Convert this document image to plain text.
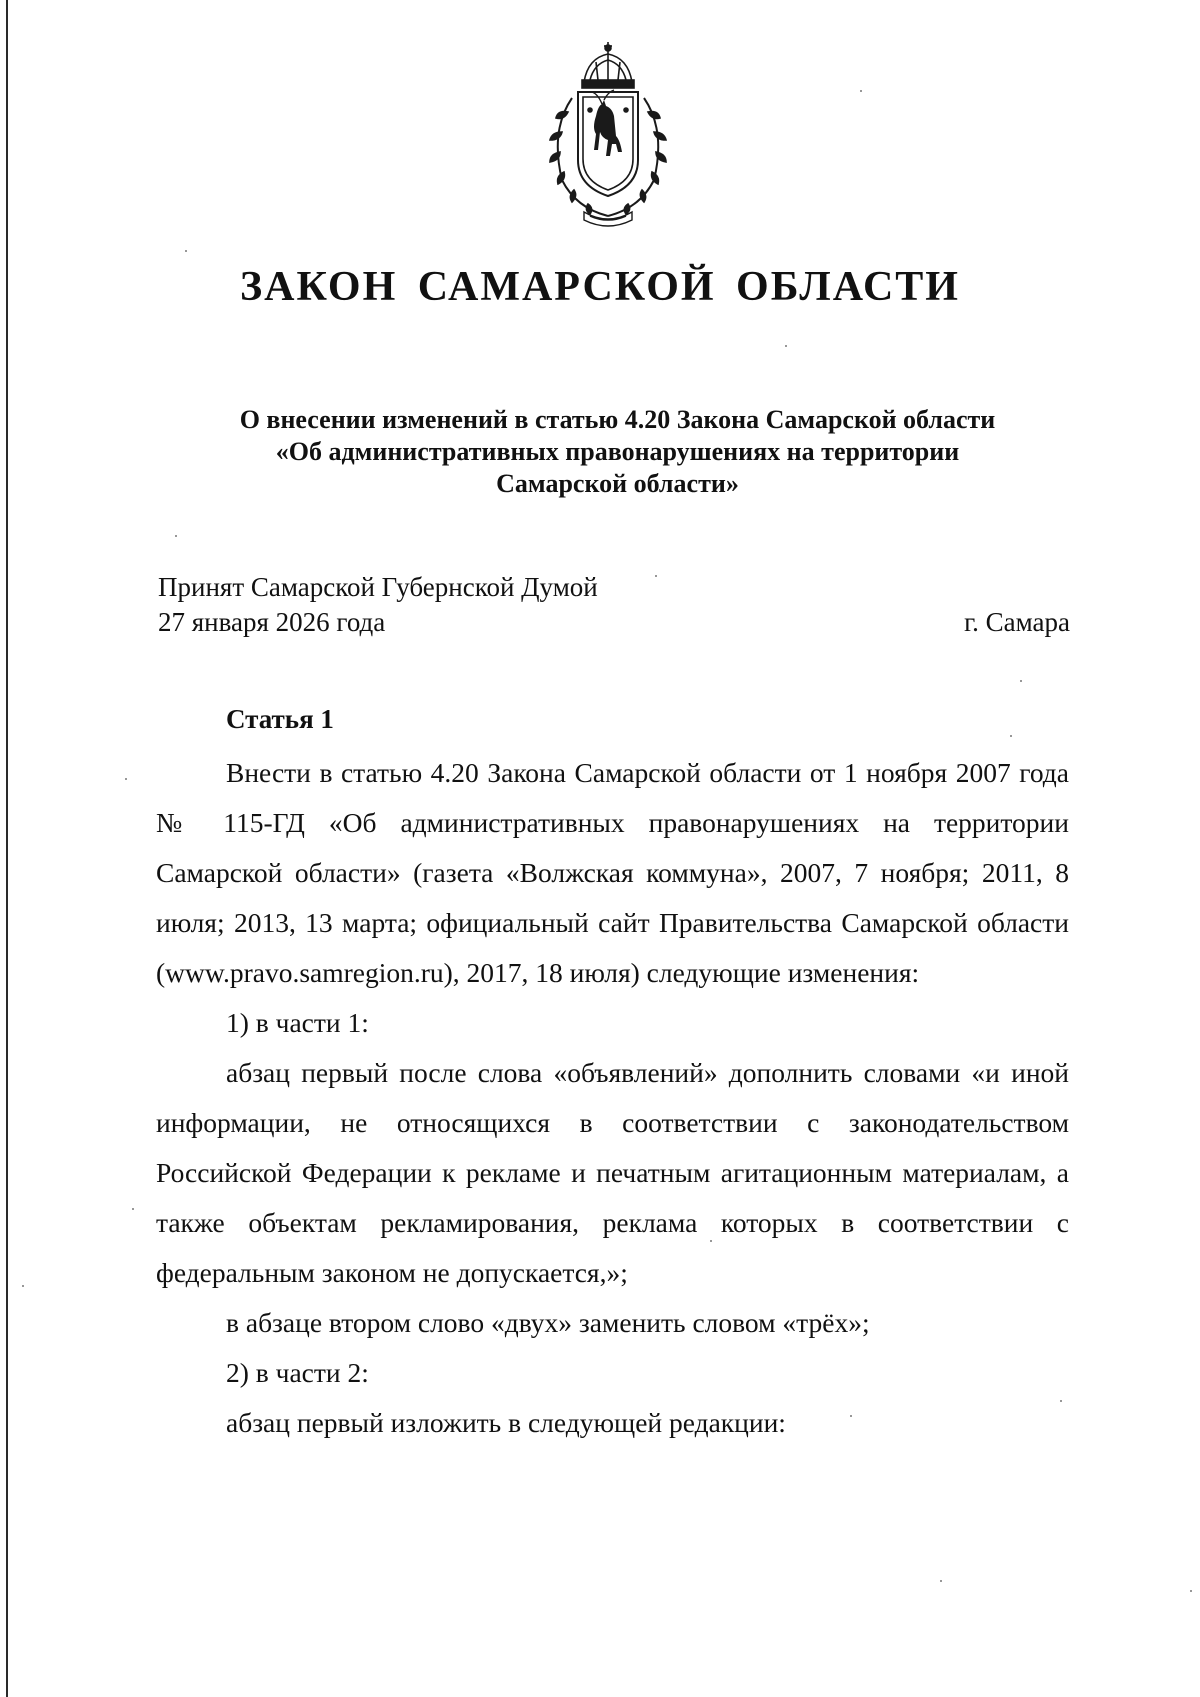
ЗАКОН САМАРСКОЙ ОБЛАСТИ
О внесении изменений в статью 4.20 Закона Самарской области
«Об административных правонарушениях на территории
Самарской области»
Принят Самарской Губернской Думой
27 января 2026 года	г. Самара
Статья 1

Внести в статью 4.20 Закона Самарской области от 1 ноября 2007 года № 115-ГД «Об административных правонарушениях на территории Самарской области» (газета «Волжская коммуна», 2007, 7 ноября; 2011, 8 июля; 2013, 13 марта; официальный сайт Правительства Самарской области (www.pravo.samregion.ru), 2017, 18 июля) следующие изменения:

1) в части 1:

абзац первый после слова «объявлений» дополнить словами «и иной информации, не относящихся в соответствии с законодательством Российской Федерации к рекламе и печатным агитационным материалам, а также объектам рекламирования, реклама которых в соответствии с федеральным законом не допускается,»;

в абзаце втором слово «двух» заменить словом «трёх»;

2) в части 2:

абзац первый изложить в следующей редакции:
